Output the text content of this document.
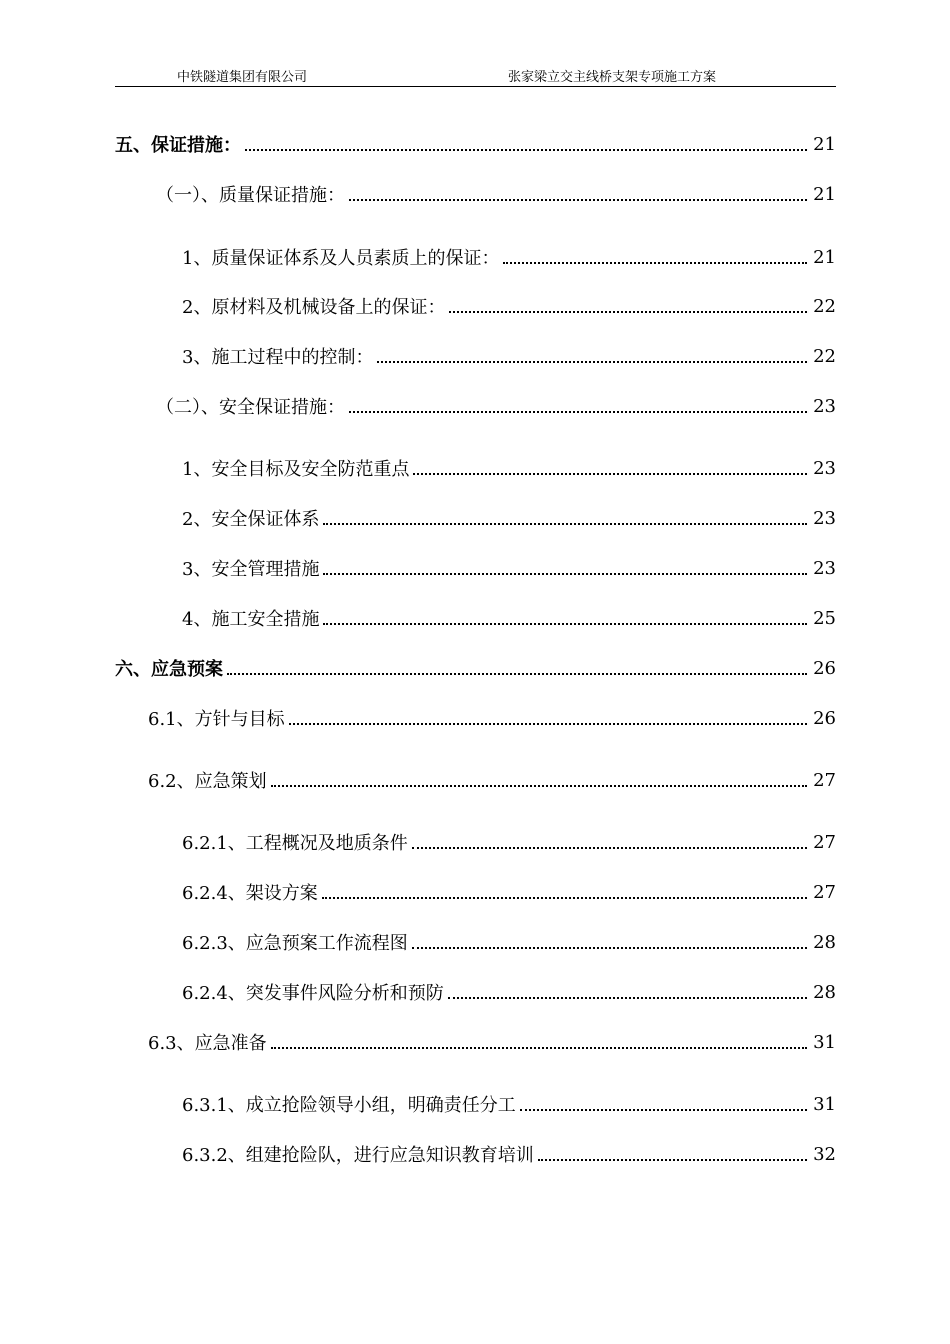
中铁隧道集团有限公司	张家梁立交主线桥支架专项施工方案
五、保证措施：	21
（一）、质量保证措施：	21
1、质量保证体系及人员素质上的保证：	21
2、原材料及机械设备上的保证：	22
3、施工过程中的控制：	22
（二）、安全保证措施：	23
1、安全目标及安全防范重点	23
2、安全保证体系	23
3、安全管理措施	23
4、施工安全措施	25
六、应急预案	26
6.1、方针与目标	26
6.2、应急策划	27
6.2.1、工程概况及地质条件	27
6.2.4、架设方案	27
6.2.3、应急预案工作流程图	28
6.2.4、突发事件风险分析和预防	28
6.3、应急准备	31
6.3.1、成立抢险领导小组，明确责任分工	31
6.3.2、组建抢险队，进行应急知识教育培训	32
